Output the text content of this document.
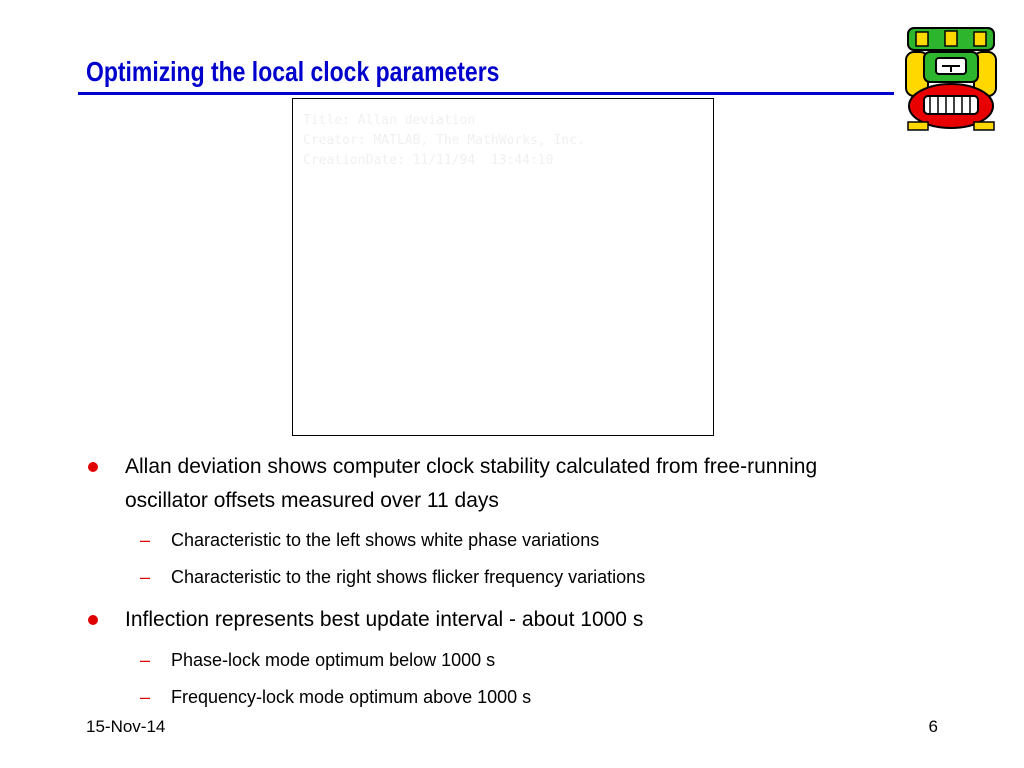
Optimizing the local clock parameters
Title: Allan deviation
Creator: MATLAB, The MathWorks, Inc.
CreationDate: 11/11/94  13:44:10
Allan deviation shows computer clock stability calculated from free-running oscillator offsets measured over 11 days
– Characteristic to the left shows white phase variations
– Characteristic to the right shows flicker frequency variations
Inflection represents best update interval - about 1000 s
– Phase-lock mode optimum below 1000 s
– Frequency-lock mode optimum above 1000 s
15-Nov-14	6
